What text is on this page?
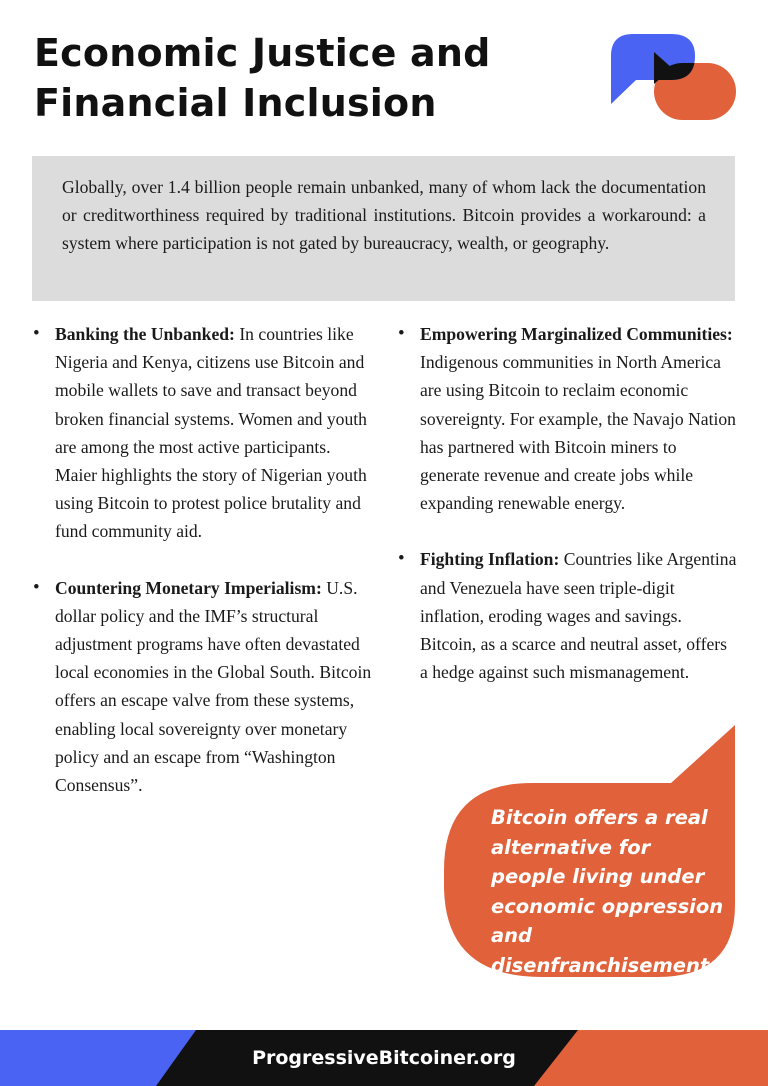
Economic Justice and
Financial Inclusion

Globally, over 1.4 billion people remain unbanked, many of whom lack the documentation or creditworthiness required by traditional institutions. Bitcoin provides a workaround: a system where participation is not gated by bureaucracy, wealth, or geography.

• Banking the Unbanked: In countries like Nigeria and Kenya, citizens use Bitcoin and mobile wallets to save and transact beyond broken financial systems. Women and youth are among the most active participants. Maier highlights the story of Nigerian youth using Bitcoin to protest police brutality and fund community aid.
• Countering Monetary Imperialism: U.S. dollar policy and the IMF’s structural adjustment programs have often devastated local economies in the Global South. Bitcoin offers an escape valve from these systems, enabling local sovereignty over monetary policy and an escape from “Washington Consensus”.
• Empowering Marginalized Communities: Indigenous communities in North America are using Bitcoin to reclaim economic sovereignty. For example, the Navajo Nation has partnered with Bitcoin miners to generate revenue and create jobs while expanding renewable energy.
• Fighting Inflation: Countries like Argentina and Venezuela have seen triple-digit inflation, eroding wages and savings. Bitcoin, as a scarce and neutral asset, offers a hedge against such mismanagement.

Bitcoin offers a real alternative for people living under economic oppression and disenfranchisement

ProgressiveBitcoiner.org
